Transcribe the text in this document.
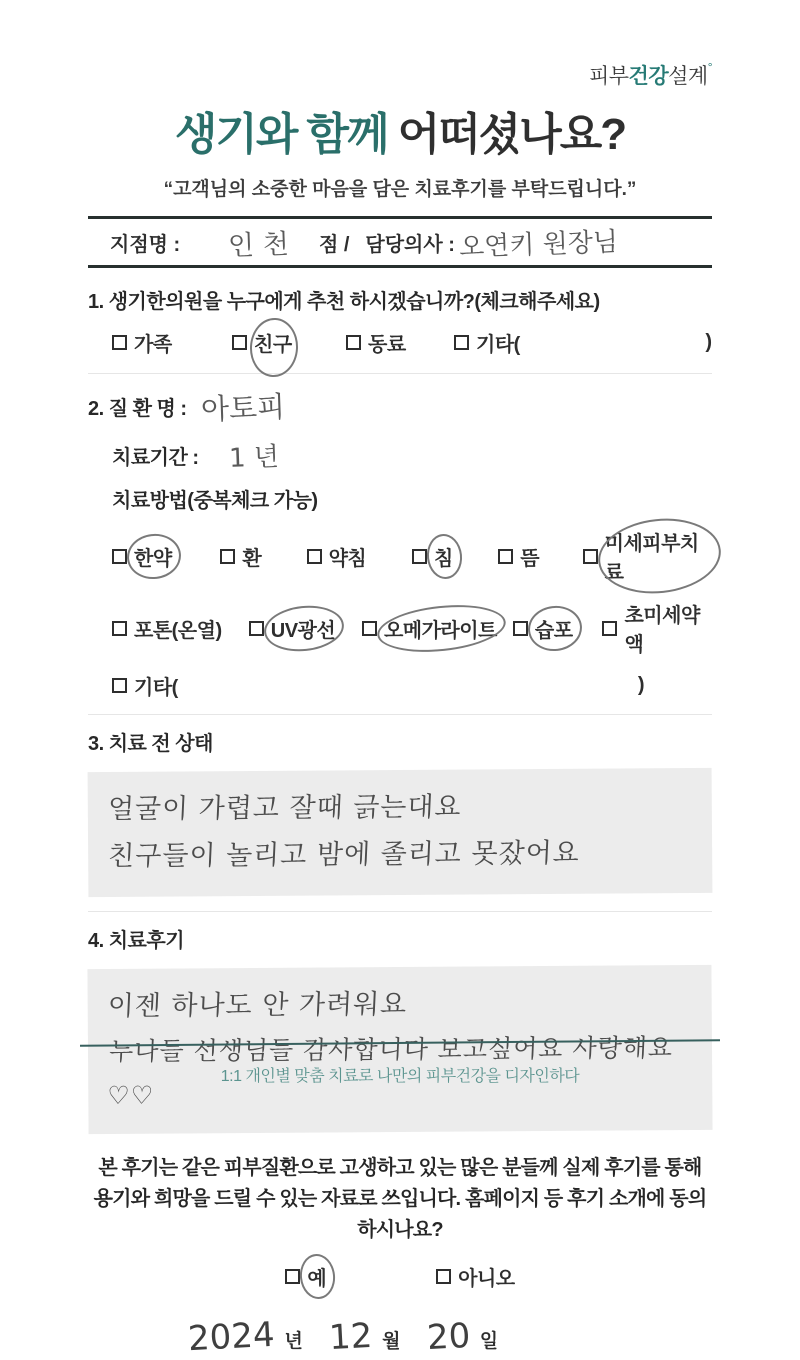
피부건강설계°
생기와 함께 어떠셨나요?
“고객님의 소중한 마음을 담은 치료후기를 부탁드립니다.”
지점명 : 인 천 점 / 담당의사 : 오연키 원장님
1. 생기한의원을 누구에게 추천 하시겠습니까?(체크해주세요)
가족	친구	동료	기타(	)
2. 질 환 명 : 아토피
치료기간 : 1 년
치료방법(중복체크 가능)
한약	환	약침	침	뜸
미세피부치료
포톤(온열) UV광선 오메가라이트 습포
초미세약액
기타(	)
3. 치료 전 상태
얼굴이 가렵고 잘때 긁는대요
친구들이 놀리고 밤에 졸리고 못잤어요
4. 치료후기
이젠 하나도 안 가려워요
누나들 선생님들 감사합니다 보고싶어요 사랑해요 ♡♡
본 후기는 같은 피부질환으로 고생하고 있는 많은 분들께 실제 후기를 통해 용기와 희망을 드릴 수 있는 자료로 쓰입니다. 홈페이지 등 후기 소개에 동의하시나요?
예	아니오
2024 년 12 월 20 일
1:1 개인별 맞춤 치료로 나만의 피부건강을 디자인하다
